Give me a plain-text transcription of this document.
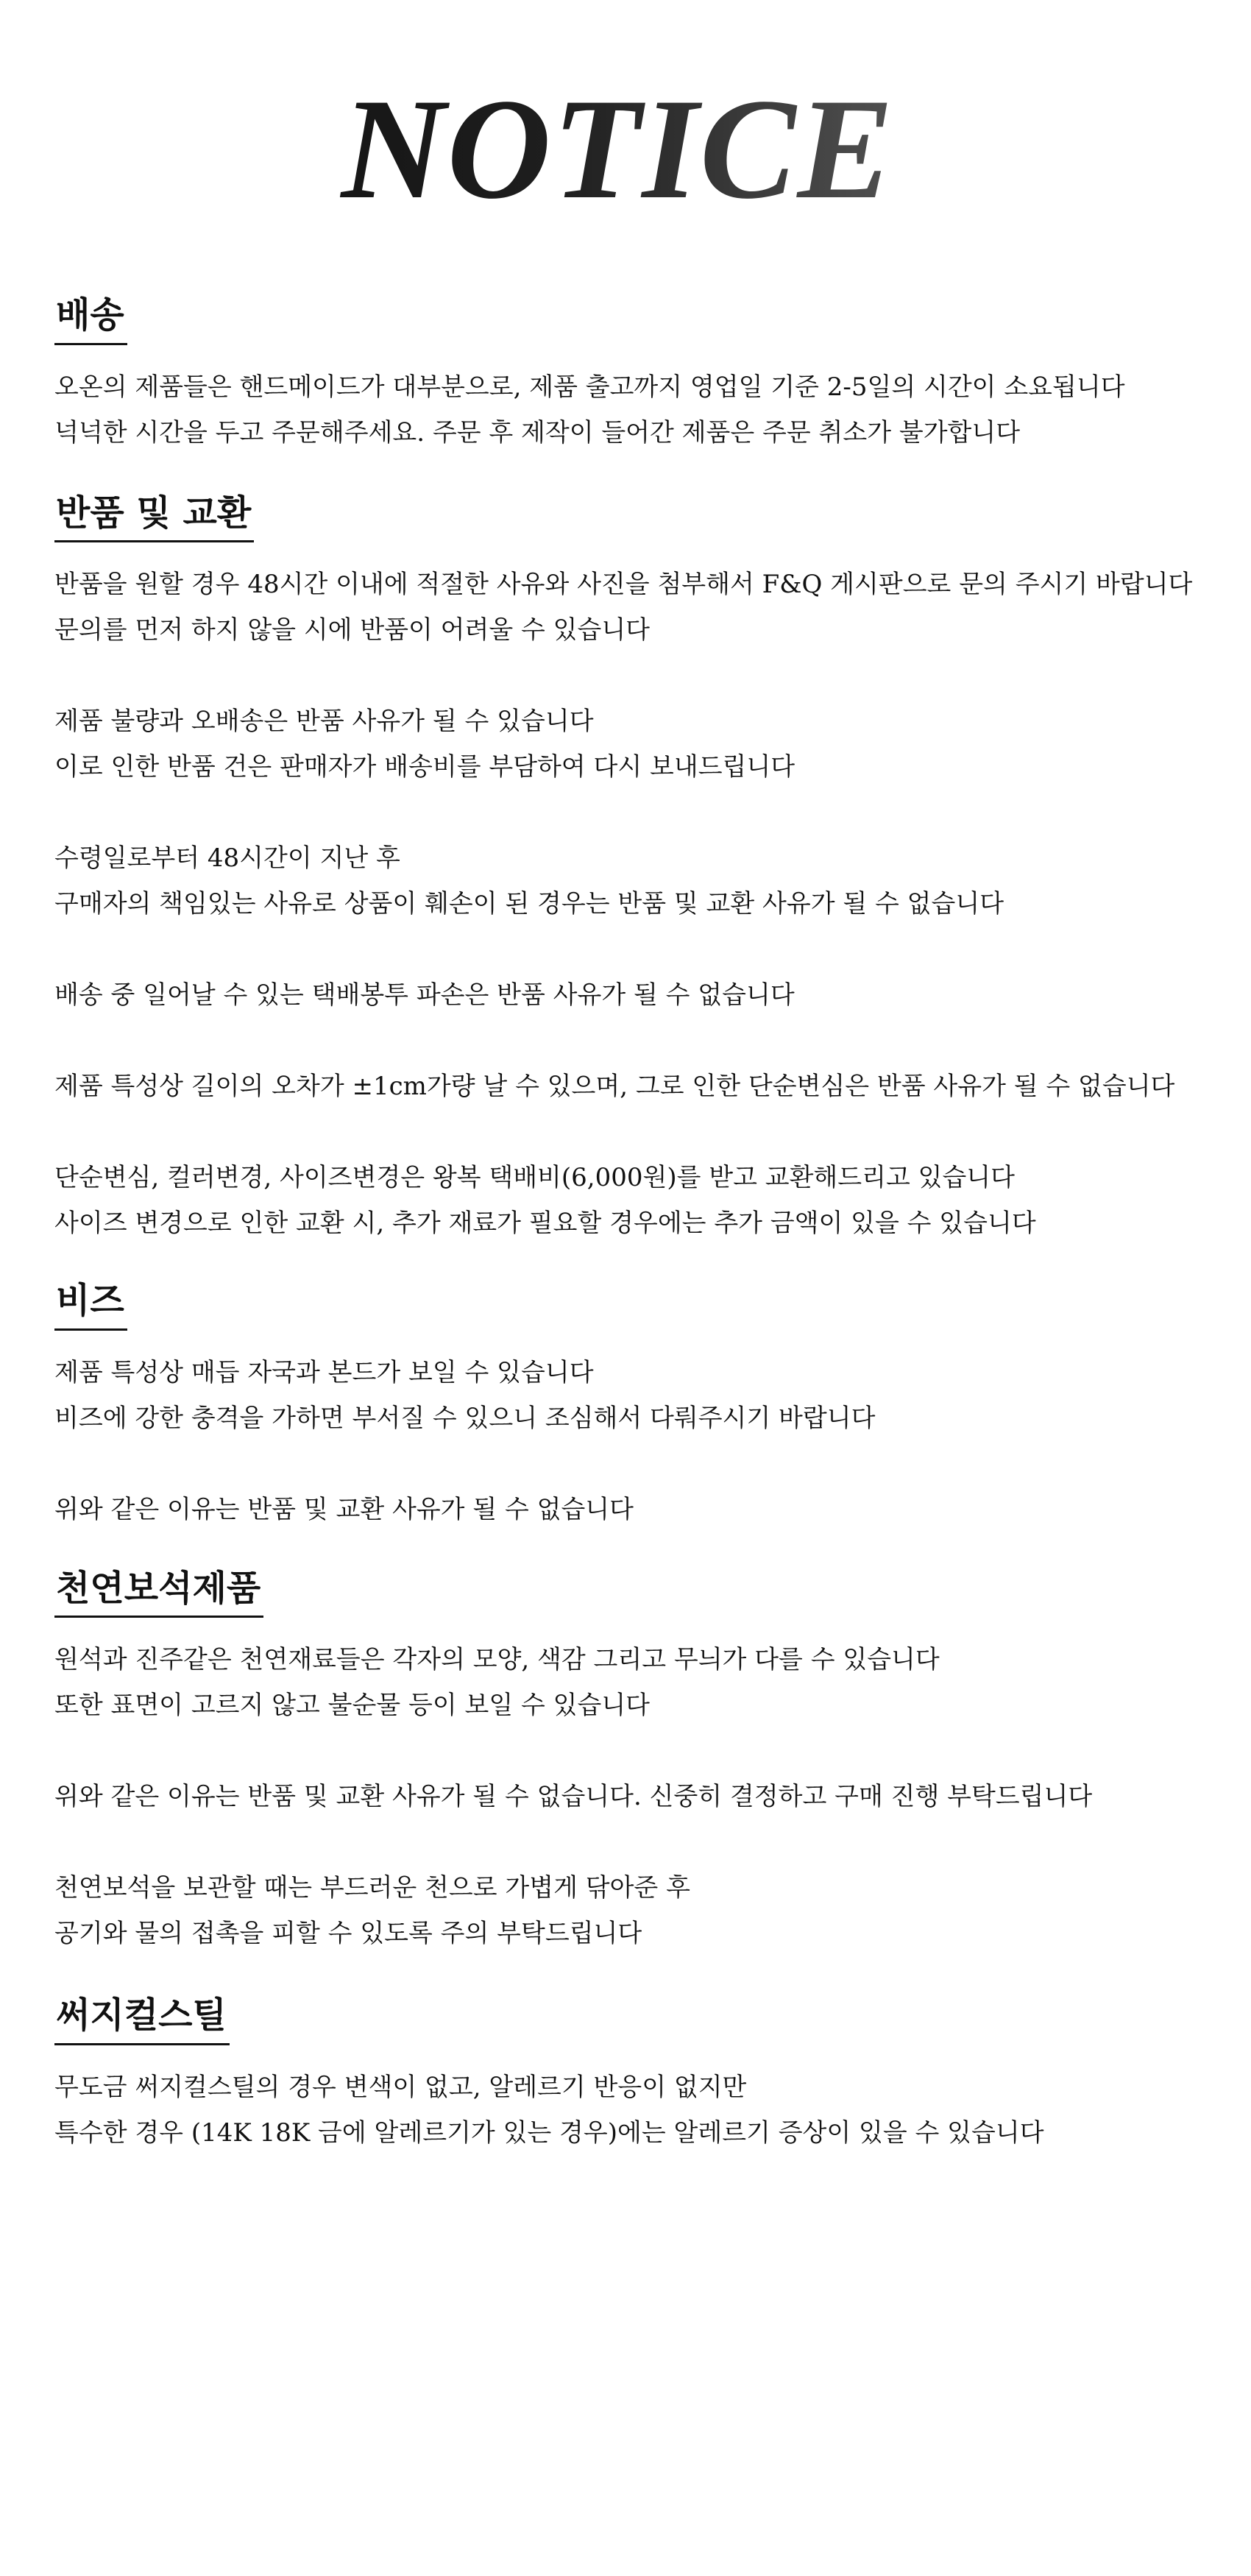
NOTICE
배송
오온의 제품들은 핸드메이드가 대부분으로, 제품 출고까지 영업일 기준 2-5일의 시간이 소요됩니다
넉넉한 시간을 두고 주문해주세요. 주문 후 제작이 들어간 제품은 주문 취소가 불가합니다
반품 및 교환
반품을 원할 경우 48시간 이내에 적절한 사유와 사진을 첨부해서 F&Q 게시판으로 문의 주시기 바랍니다
문의를 먼저 하지 않을 시에 반품이 어려울 수 있습니다
제품 불량과 오배송은 반품 사유가 될 수 있습니다
이로 인한 반품 건은 판매자가 배송비를 부담하여 다시 보내드립니다
수령일로부터 48시간이 지난 후
구매자의 책임있는 사유로 상품이 훼손이 된 경우는 반품 및 교환 사유가 될 수 없습니다
배송 중 일어날 수 있는 택배봉투 파손은 반품 사유가 될 수 없습니다
제품 특성상 길이의 오차가 ±1cm가량 날 수 있으며, 그로 인한 단순변심은 반품 사유가 될 수 없습니다
단순변심, 컬러변경, 사이즈변경은 왕복 택배비(6,000원)를 받고 교환해드리고 있습니다
사이즈 변경으로 인한 교환 시, 추가 재료가 필요할 경우에는 추가 금액이 있을 수 있습니다
비즈
제품 특성상 매듭 자국과 본드가 보일 수 있습니다
비즈에 강한 충격을 가하면 부서질 수 있으니 조심해서 다뤄주시기 바랍니다
위와 같은 이유는 반품 및 교환 사유가 될 수 없습니다
천연보석제품
원석과 진주같은 천연재료들은 각자의 모양, 색감 그리고 무늬가 다를 수 있습니다
또한 표면이 고르지 않고 불순물 등이 보일 수 있습니다
위와 같은 이유는 반품 및 교환 사유가 될 수 없습니다. 신중히 결정하고 구매 진행 부탁드립니다
천연보석을 보관할 때는 부드러운 천으로 가볍게 닦아준 후
공기와 물의 접촉을 피할 수 있도록 주의 부탁드립니다
써지컬스틸
무도금 써지컬스틸의 경우 변색이 없고, 알레르기 반응이 없지만
특수한 경우 (14K 18K 금에 알레르기가 있는 경우)에는 알레르기 증상이 있을 수 있습니다
